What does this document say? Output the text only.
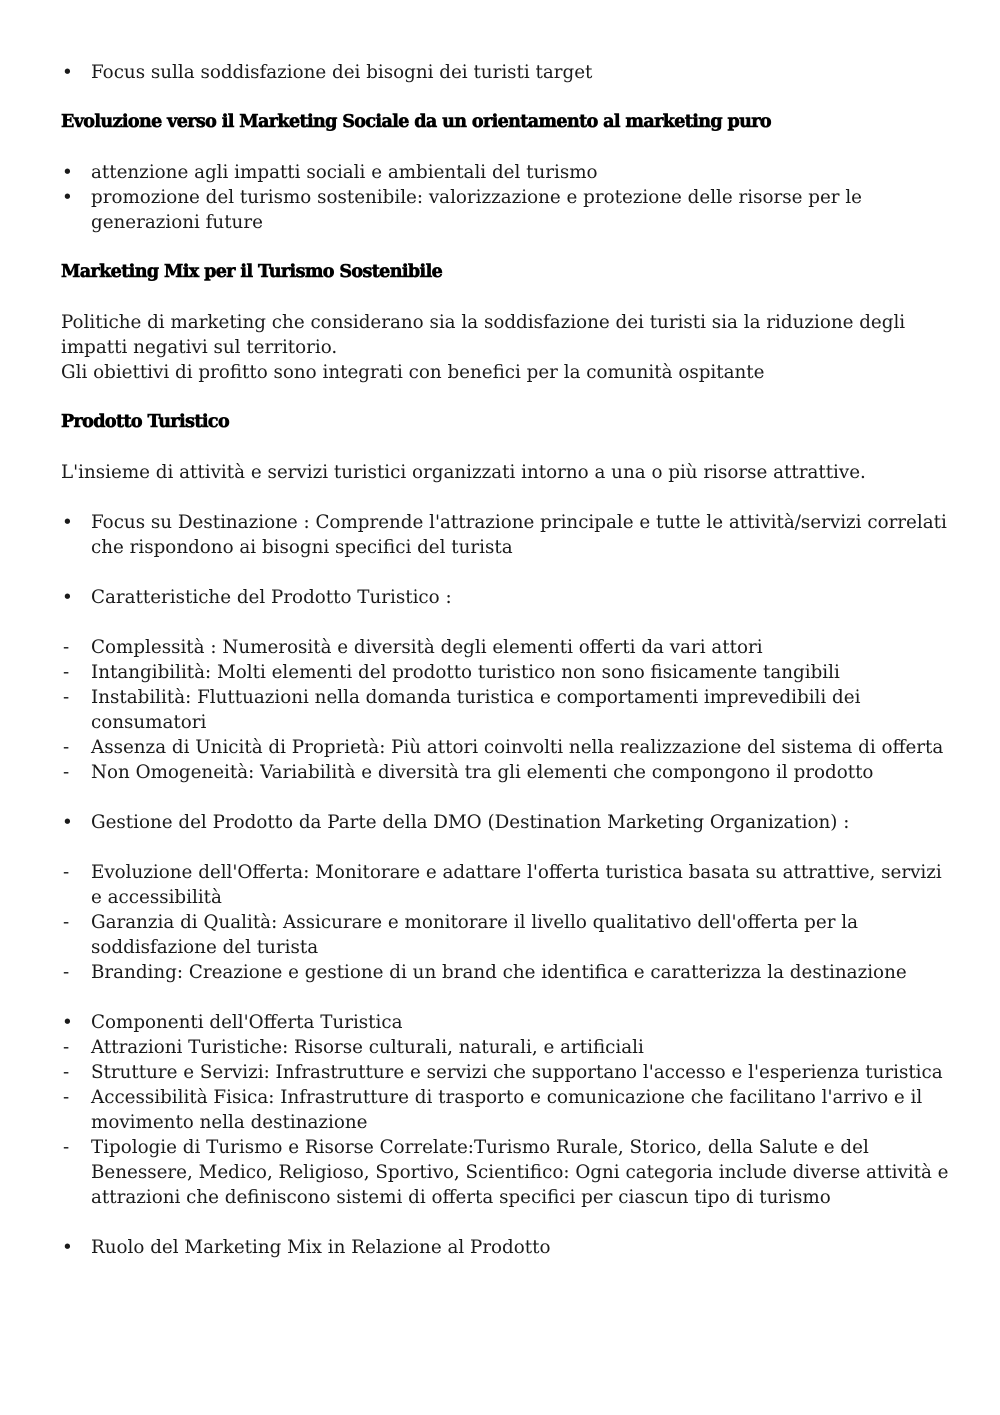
• Focus sulla soddisfazione dei bisogni dei turisti target
Evoluzione verso il Marketing Sociale da un orientamento al marketing puro
• attenzione agli impatti sociali e ambientali del turismo
• promozione del turismo sostenibile: valorizzazione e protezione delle risorse per le generazioni future
Marketing Mix per il Turismo Sostenibile

Politiche di marketing che considerano sia la soddisfazione dei turisti sia la riduzione degli impatti negativi sul territorio.

Gli obiettivi di profitto sono integrati con benefici per la comunità ospitante

Prodotto Turistico

L'insieme di attività e servizi turistici organizzati intorno a una o più risorse attrattive.

• Focus su Destinazione : Comprende l'attrazione principale e tutte le attività/servizi correlati che rispondono ai bisogni specifici del turista
• Caratteristiche del Prodotto Turistico :
- Complessità : Numerosità e diversità degli elementi offerti da vari attori
- Intangibilità: Molti elementi del prodotto turistico non sono fisicamente tangibili
- Instabilità: Fluttuazioni nella domanda turistica e comportamenti imprevedibili dei consumatori
- Assenza di Unicità di Proprietà: Più attori coinvolti nella realizzazione del sistema di offerta
- Non Omogeneità: Variabilità e diversità tra gli elementi che compongono il prodotto
• Gestione del Prodotto da Parte della DMO (Destination Marketing Organization) :
- Evoluzione dell'Offerta: Monitorare e adattare l'offerta turistica basata su attrattive, servizi e accessibilità
- Garanzia di Qualità: Assicurare e monitorare il livello qualitativo dell'offerta per la soddisfazione del turista
- Branding: Creazione e gestione di un brand che identifica e caratterizza la destinazione
• Componenti dell'Offerta Turistica
- Attrazioni Turistiche: Risorse culturali, naturali, e artificiali
- Strutture e Servizi: Infrastrutture e servizi che supportano l'accesso e l'esperienza turistica
- Accessibilità Fisica: Infrastrutture di trasporto e comunicazione che facilitano l'arrivo e il movimento nella destinazione
- Tipologie di Turismo e Risorse Correlate:Turismo Rurale, Storico, della Salute e del Benessere, Medico, Religioso, Sportivo, Scientifico: Ogni categoria include diverse attività e attrazioni che definiscono sistemi di offerta specifici per ciascun tipo di turismo
• Ruolo del Marketing Mix in Relazione al Prodotto
